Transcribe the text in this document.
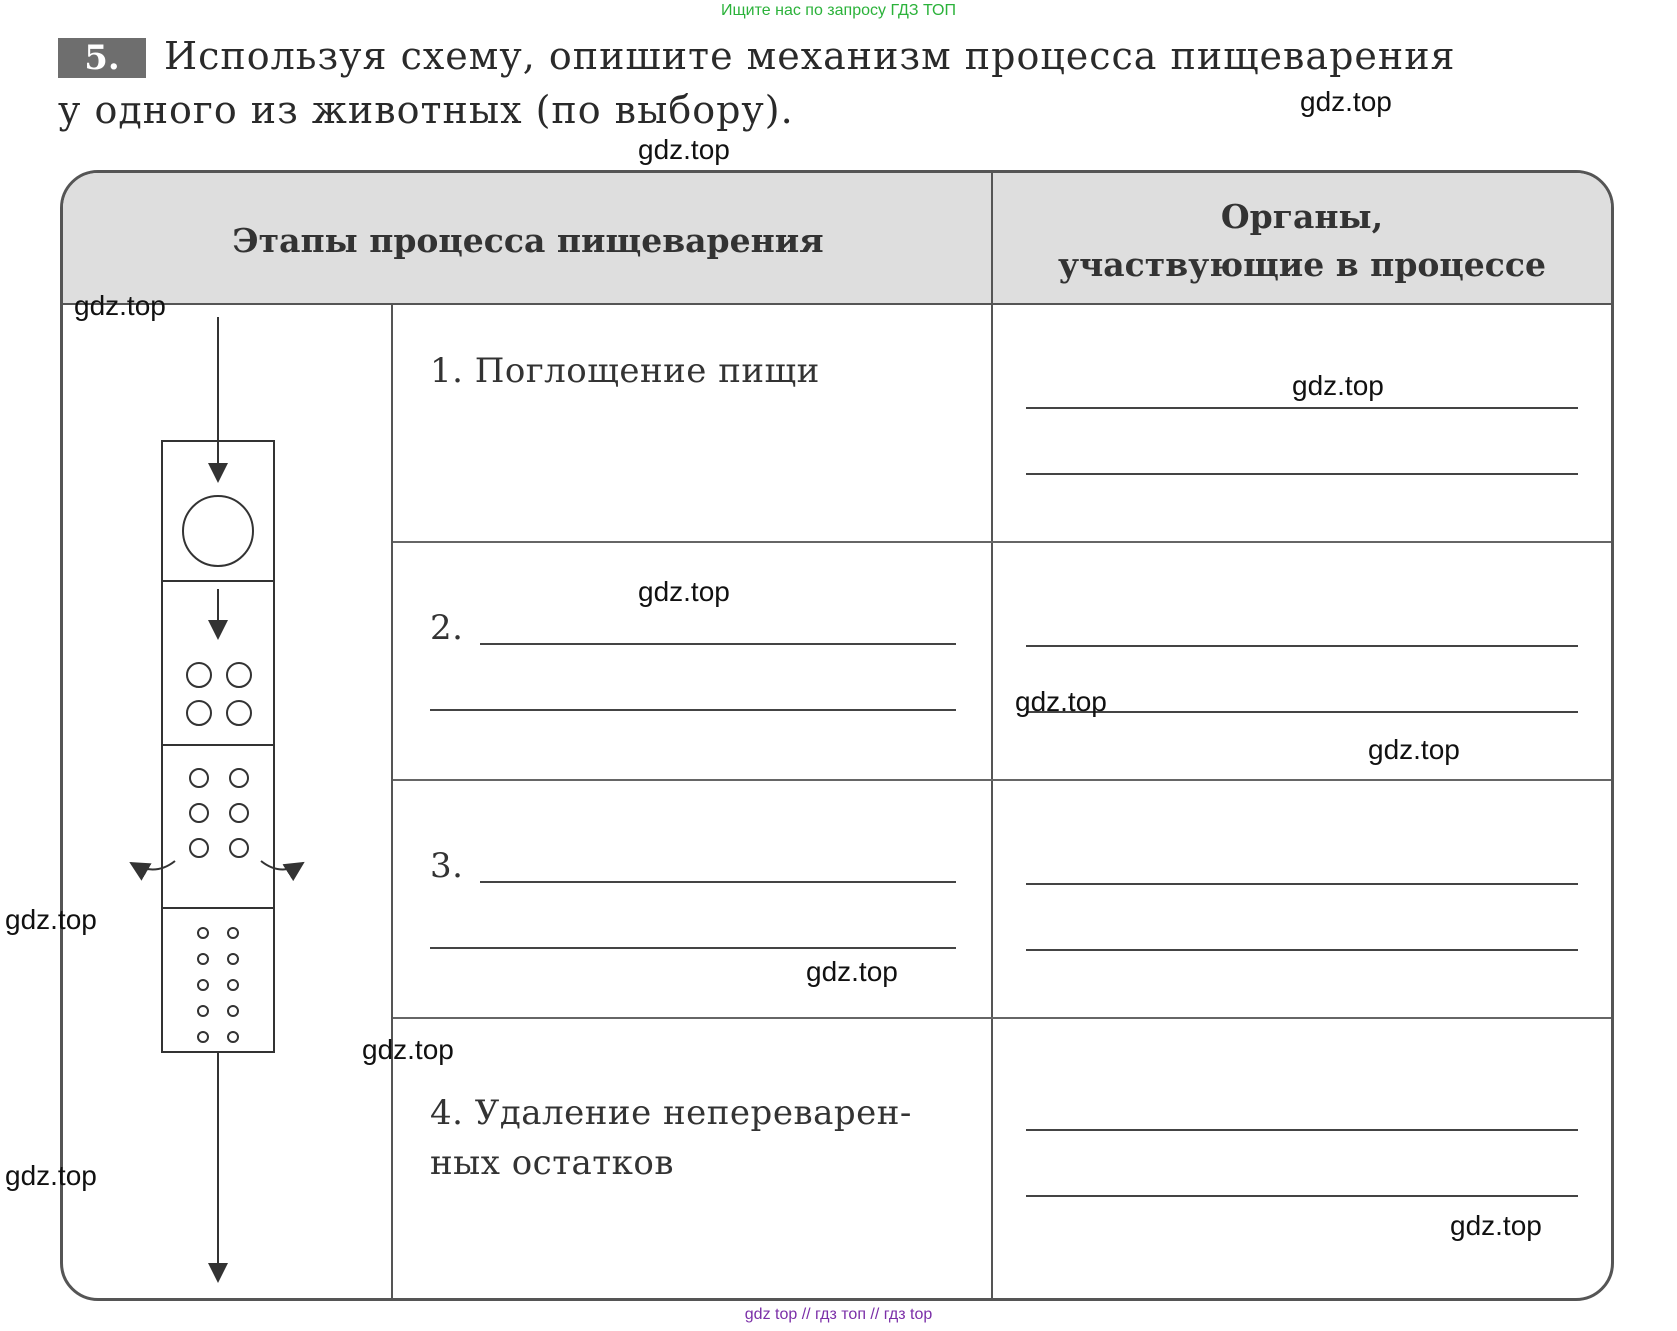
Ищите нас по запросу ГДЗ ТОП
5.	Используя схему, опишите механизм процесса пищеварения
у одного из животных (по выбору).
Этапы процесса пищеварения
Органы,
участвующие в процессе
1. Поглощение пищи
2.
3.
4. Удаление непереварен-
ных остатков
gdz.top
gdz.top
gdz.top
gdz.top
gdz.top
gdz.top
gdz.top
gdz.top
gdz.top
gdz.top
gdz.top
gdz.top
gdz top // гдз топ // гдз top
